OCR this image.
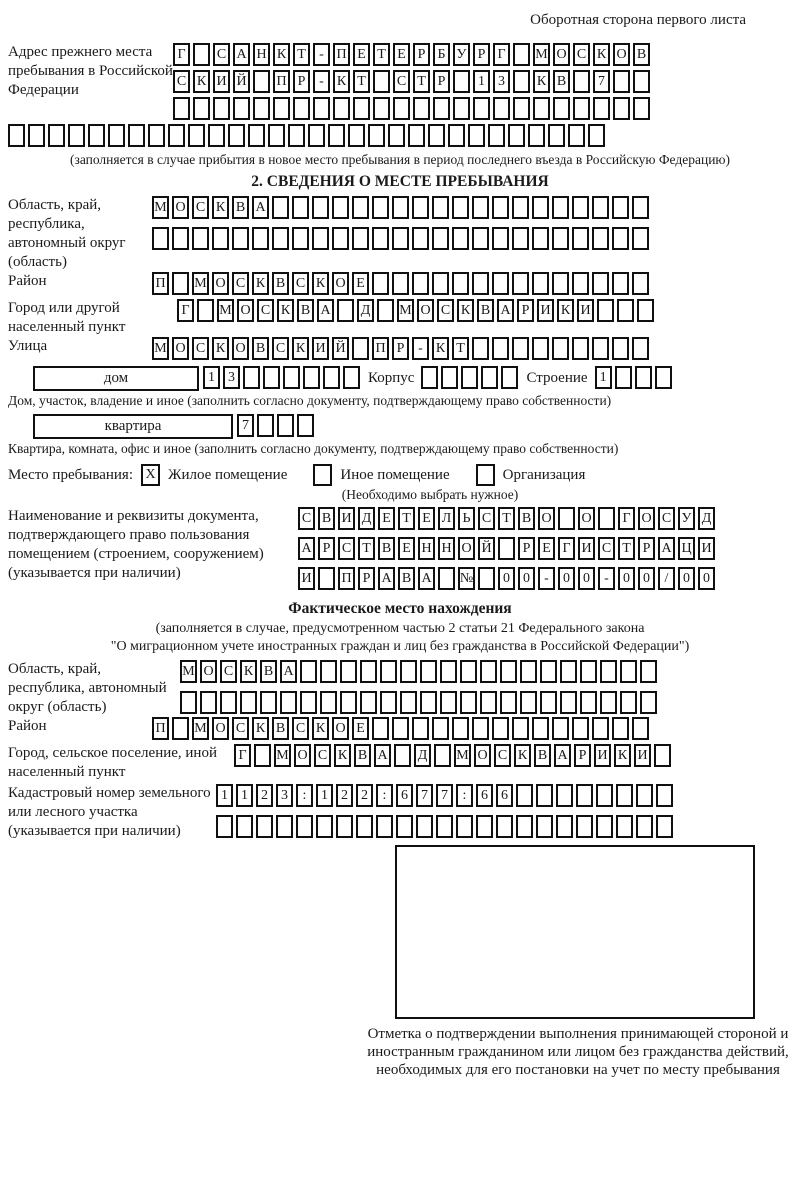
Оборотная сторона первого листа
Адрес прежнего места пребывания в Российской Федерации
Г	С А Н К Т - П Е Т Е Р Б У Р Г	М О С К О В
С К И Й П Р - К Т	С Т Р	1 3	К В	7
(заполняется в случае прибытия в новое место пребывания в период последнего въезда в Российскую Федерацию)
2. СВЕДЕНИЯ О МЕСТЕ ПРЕБЫВАНИЯ
Область, край, республика, автономный округ (область)
М О С К В А
Район	П М О С К В С К О Е
Город или другой населенный пункт
Г	М О С К В А Д М О С К В А Р И К И
Улица	М О С К О В С К И Й П Р - К Т
дом	1 3	Корпус	Строение 1
Дом, участок, владение и иное (заполнить согласно документу, подтверждающему право собственности)
квартира	7
Квартира, комната, офис и иное (заполнить согласно документу, подтверждающему право собственности)
Место пребывания: X Жилое помещение	Иное помещение	Организация
(Необходимо выбрать нужное)
Наименование и реквизиты документа, подтверждающего право пользования помещением (строением, сооружением) (указывается при наличии)
С В И Д Е Т Е Л Ь С Т В О О	Г О С У Д
А Р С Т В Е Н Н О Й	Р Е Г И С Т Р А Ц И
И П Р А В А №	0 0	-	0 0	-	0 0	/	0 0
Фактическое место нахождения
(заполняется в случае, предусмотренном частью 2 статьи 21 Федерального закона
"О миграционном учете иностранных граждан и лиц без гражданства в Российской Федерации")
Область, край, республика, автономный округ (область)
М О С К В А
Район	П М О С К В С К О Е
Город, сельское поселение, иной населенный пункт
Г	М О С К В А Д М О С К В А Р И К И
Кадастровый номер земельного или лесного участка (указывается при наличии)
1 1 2 3	:	1 2 2	:	6 7 7	:	6 6
Отметка о подтверждении выполнения принимающей стороной и иностранным гражданином или лицом без гражданства действий, необходимых для его постановки на учет по месту пребывания
